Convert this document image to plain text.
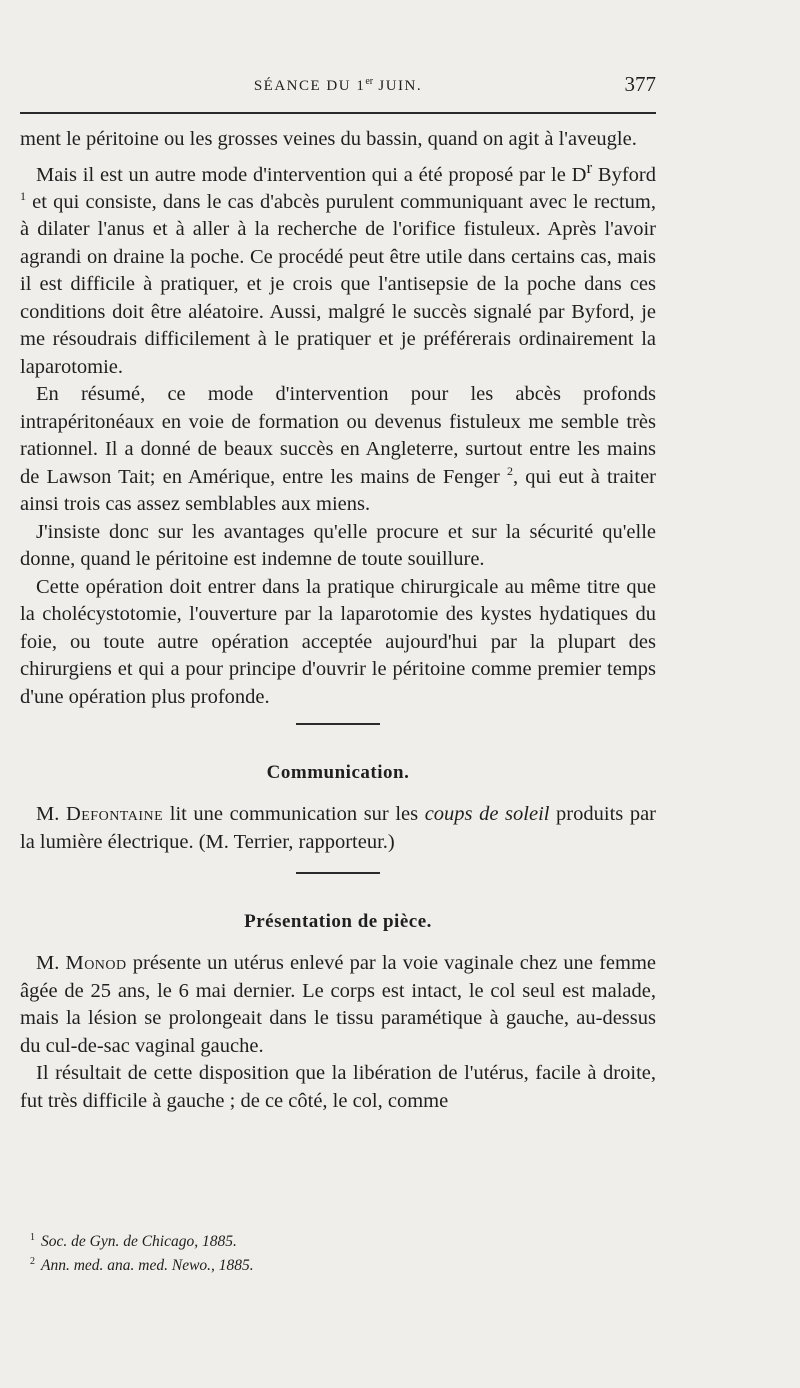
SÉANCE DU 1er JUIN.	377

ment le péritoine ou les grosses veines du bassin, quand on agit à l'aveugle.

Mais il est un autre mode d'intervention qui a été proposé par le $D^r$ Byford $^1$ et qui consiste, dans le cas d'abcès purulent communiquant avec le rectum, à dilater l'anus et à aller à la recherche de l'orifice fistuleux. Après l'avoir agrandi on draine la poche. Ce procédé peut être utile dans certains cas, mais il est difficile à pratiquer, et je crois que l'antisepsie de la poche dans ces conditions doit être aléatoire. Aussi, malgré le succès signalé par Byford, je me résoudrais difficilement à le pratiquer et je préférerais ordinairement la laparotomie.

En résumé, ce mode d'intervention pour les abcès profonds intrapéritonéaux en voie de formation ou devenus fistuleux me semble très rationnel. Il a donné de beaux succès en Angleterre, surtout entre les mains de Lawson Tait; en Amérique, entre les mains de Fenger $^2$, qui eut à traiter ainsi trois cas assez semblables aux miens.

J'insiste donc sur les avantages qu'elle procure et sur la sécurité qu'elle donne, quand le péritoine est indemne de toute souillure.

Cette opération doit entrer dans la pratique chirurgicale au même titre que la cholécystotomie, l'ouverture par la laparotomie des kystes hydatiques du foie, ou toute autre opération acceptée aujourd'hui par la plupart des chirurgiens et qui a pour principe d'ouvrir le péritoine comme premier temps d'une opération plus profonde.

Communication.

M. Defontaine lit une communication sur les coups de soleil produits par la lumière électrique. (M. Terrier, rapporteur.)

Présentation de pièce.

M. Monod présente un utérus enlevé par la voie vaginale chez une femme âgée de 25 ans, le 6 mai dernier. Le corps est intact, le col seul est malade, mais la lésion se prolongeait dans le tissu paramétique à gauche, au-dessus du cul-de-sac vaginal gauche.

Il résultait de cette disposition que la libération de l'utérus, facile à droite, fut très difficile à gauche ; de ce côté, le col, comme

$^1$ Soc. de Gyn. de Chicago, 1885.
$^2$ Ann. med. ana. med. Newo., 1885.
